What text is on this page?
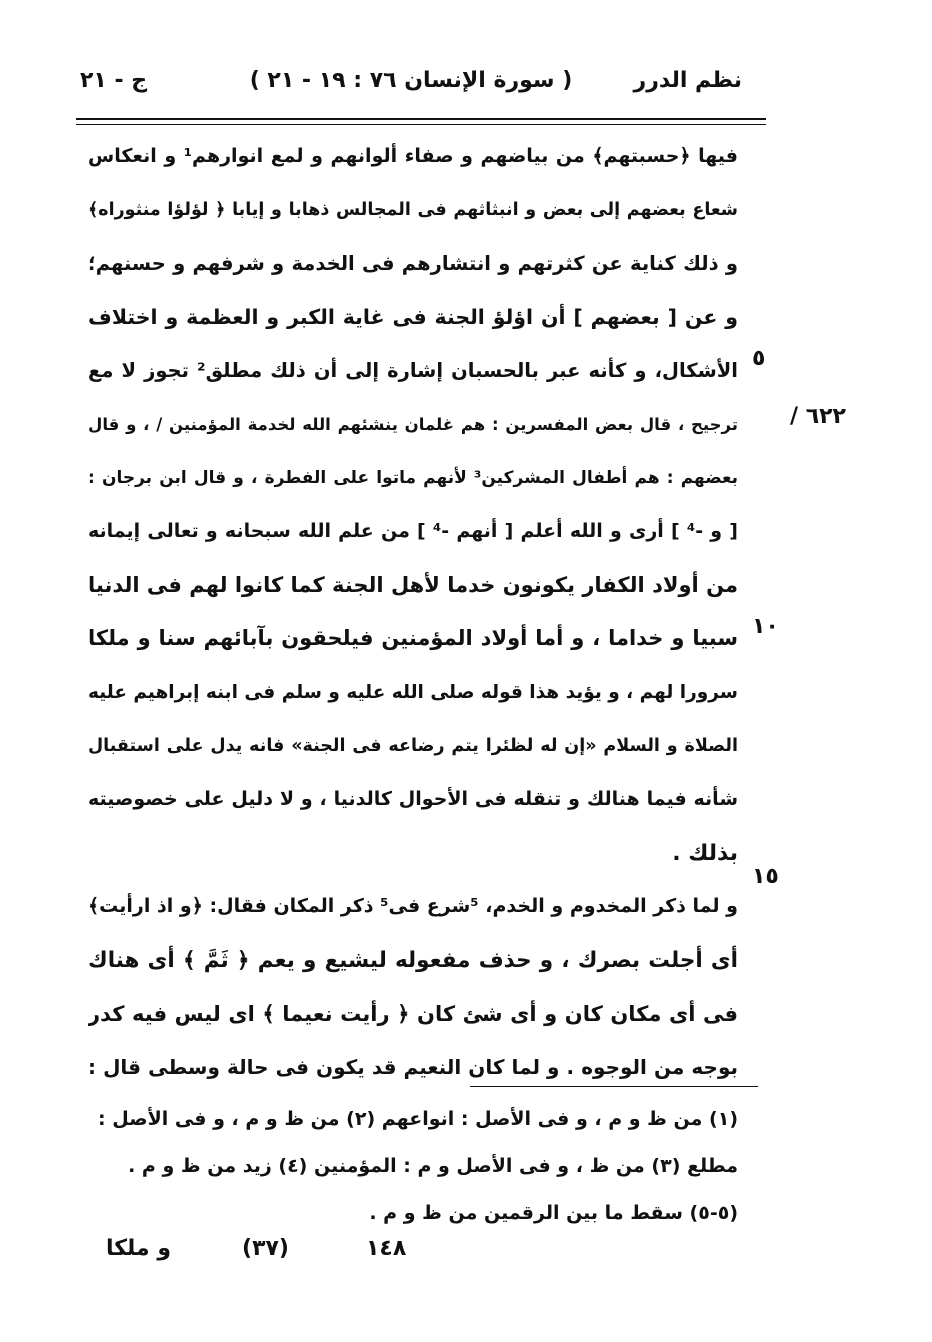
نظم الدرر
( سورة الإنسان ٧٦ : ١٩ - ٢١ )
ج - ٢١
٦٢٢ /
٥
١٠
١٥
فيها ﴿حسبتهم﴾ من بياضهم و صفاء ألوانهم و لمع انوارهم¹ و انعكاس
شعاع بعضهم إلى بعض و انبثاثهم فى المجالس ذهابا و إيابا ﴿ لؤلؤا منثوراه﴾
و ذلك كناية عن كثرتهم و انتشارهم فى الخدمة و شرفهم و حسنهم؛
و عن [ بعضهم ] أن اؤلؤ الجنة فى غاية الكبر و العظمة و اختلاف
الأشكال، و كأنه عبر بالحسبان إشارة إلى أن ذلك مطلق² تجوز لا مع
ترجيح ، قال بعض المفسرين : هم غلمان ينشئهم الله لخدمة المؤمنين / ، و قال
بعضهم : هم أطفال المشركين³ لأنهم ماتوا على الفطرة ، و قال ابن برجان :
[ و -⁴ ] أرى و الله أعلم [ أنهم -⁴ ] من علم الله سبحانه و تعالى إيمانه
من أولاد الكفار يكونون خدما لأهل الجنة كما كانوا لهم فى الدنيا
سبيا و خداما ، و أما أولاد المؤمنين فيلحقون بآبائهم سنا و ملكا
سرورا لهم ، و يؤيد هذا قوله صلى الله عليه و سلم فى ابنه إبراهيم عليه
الصلاة و السلام «إن له لظئرا يتم رضاعه فى الجنة» فانه يدل على استقبال
شأنه فيما هنالك و تنقله فى الأحوال كالدنيا ، و لا دليل على خصوصيته
بذلك .
و لما ذكر المخدوم و الخدم، ⁵شرع فى⁵ ذكر المكان فقال: ﴿و اذ ارأيت﴾
أى أجلت بصرك ، و حذف مفعوله ليشيع و يعم ﴿ ثَمَّ ﴾ أى هناك
فى أى مكان كان و أى شئ كان ﴿ رأيت نعيما ﴾ اى ليس فيه كدر
بوجه من الوجوه . و لما كان النعيم قد يكون فى حالة وسطى قال :
(١) من ظ و م ، و فى الأصل : انواعهم (٢) من ظ و م ، و فى الأصل :
مطلع (٣) من ظ ، و فى الأصل و م : المؤمنين (٤) زيد من ظ و م .
(٥-٥) سقط ما بين الرقمين من ظ و م .
و ملكا	(٣٧)	١٤٨
